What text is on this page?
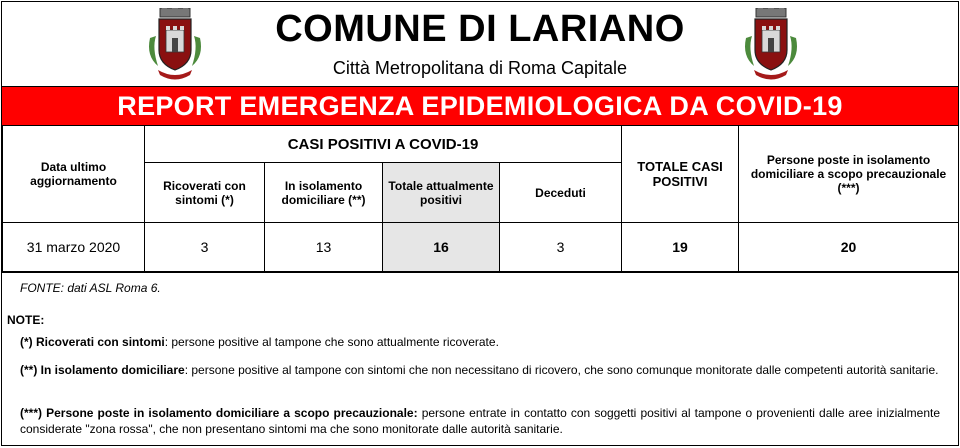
COMUNE DI LARIANO
Città Metropolitana di Roma Capitale
REPORT EMERGENZA EPIDEMIOLOGICA DA COVID-19
Data ultimo aggiornamento	CASI POSITIVI A COVID-19				TOTALE CASI POSITIVI	Persone poste in isolamento domiciliare a scopo precauzionale (***)
	Ricoverati con sintomi (*)	In isolamento domiciliare (**)	Totale attualmente positivi	Deceduti		
31 marzo 2020	3	13	16	3	19	20
FONTE: dati ASL Roma 6.
NOTE:
(*) Ricoverati con sintomi: persone positive al tampone che sono attualmente ricoverate.
(**) In isolamento domiciliare: persone positive al tampone con sintomi che non necessitano di ricovero, che sono comunque monitorate dalle competenti autorità sanitarie.
(***) Persone poste in isolamento domiciliare a scopo precauzionale: persone entrate in contatto con soggetti positivi al tampone o provenienti dalle aree inizialmente considerate "zona rossa", che non presentano sintomi ma che sono monitorate dalle autorità sanitarie.
